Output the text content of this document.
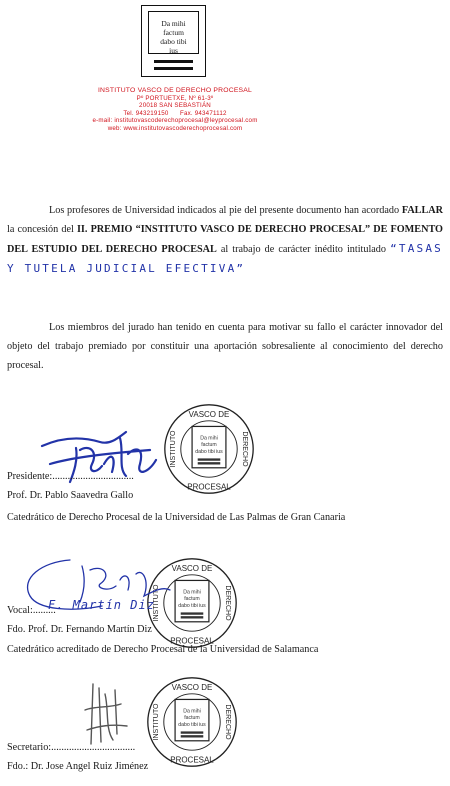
Da mihi
factum
dabo tibi
ius
INSTITUTO VASCO DE DERECHO PROCESAL
Pº PORTUETXE, Nº 61-3º
20018 SAN SEBASTIÁN
Tel. 943219150      Fax. 943471112
e-mail: institutovascoderechoprocesal@leyprocesal.com
web: www.institutovascoderechoprocesal.com
Los profesores de Universidad indicados al pie del presente documento han acordado FALLAR la concesión del II. PREMIO “INSTITUTO VASCO DE DERECHO PROCESAL” DE FOMENTO DEL ESTUDIO DEL DERECHO PROCESAL al trabajo de carácter inédito intitulado “TASAS Y TUTELA JUDICIAL EFECTIVA”
Los miembros del jurado han tenido en cuenta para motivar su fallo el carácter innovador del objeto del trabajo premiado por constituir una aportación sobresaliente al conocimiento del derecho procesal.
VASCO DE
PROCESAL
INSTITUTO	DERECHO
Da mihi
factum
dabo tibi ius
VASCO DE
PROCESAL
INSTITUTO	DERECHO
Da mihi
factum
dabo tibi ius
VASCO DE
PROCESAL
INSTITUTO	DERECHO
Da mihi
factum
dabo tibi ius
F. Martín Diz
Presidente:................................
Prof. Dr. Pablo Saavedra Gallo
Catedrático de Derecho Procesal de la Universidad de Las Palmas de Gran Canaria
Vocal:.........
Fdo. Prof. Dr. Fernando Martín Diz
Catedrático acreditado de Derecho Procesal de la Universidad de Salamanca
Secretario:.................................
Fdo.: Dr. Jose Angel Ruiz Jiménez
